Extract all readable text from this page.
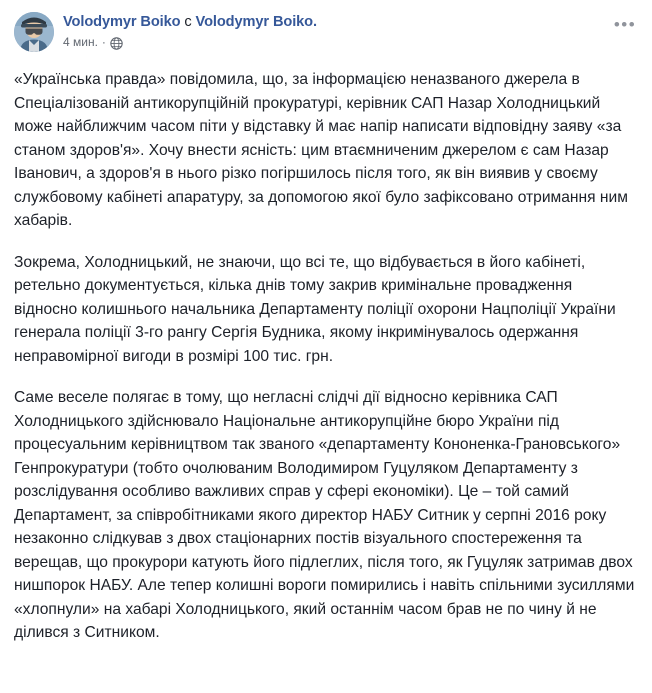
Volodymyr Boiko с Volodymyr Boiko.
4 мин. ·
•••

«Українська правда» повідомила, що, за інформацією неназваного джерела в Спеціалізованій антикорупційній прокуратурі, керівник САП Назар Холодницький може найближчим часом піти у відставку й має напір написати відповідну заяву «за станом здоров'я». Хочу внести ясність: цим втаємниченим джерелом є сам Назар Іванович, а здоров'я в нього різко погіршилось після того, як він виявив у своєму службовому кабінеті апаратуру, за допомогою якої було зафіксовано отримання ним хабарів.

Зокрема, Холодницький, не знаючи, що всі те, що відбувається в його кабінеті, ретельно документується, кілька днів тому закрив кримінальне провадження відносно колишнього начальника Департаменту поліції охорони Нацполіції України генерала поліції 3-го рангу Сергія Будника, якому інкримінувалось одержання неправомірної вигоди в розмірі 100 тис. грн.

Саме веселе полягає в тому, що негласні слідчі дії відносно керівника САП Холодницького здійснювало Національне антикорупційне бюро України під процесуальним керівництвом так званого «департаменту Кононенка-Грановського» Генпрокуратури (тобто очолюваним Володимиром Гуцуляком Департаменту з розслідування особливо важливих справ у сфері економіки). Це – той самий Департамент, за співробітниками якого директор НАБУ Ситник у серпні 2016 року незаконно слідкував з двох стаціонарних постів візуального спостереження та верещав, що прокурори катують його підлеглих, після того, як Гуцуляк затримав двох нишпорок НАБУ. Але тепер колишні вороги помирились і навіть спільними зусиллями «хлопнули» на хабарі Холодницького, який останнім часом брав не по чину й не ділився з Ситником.
